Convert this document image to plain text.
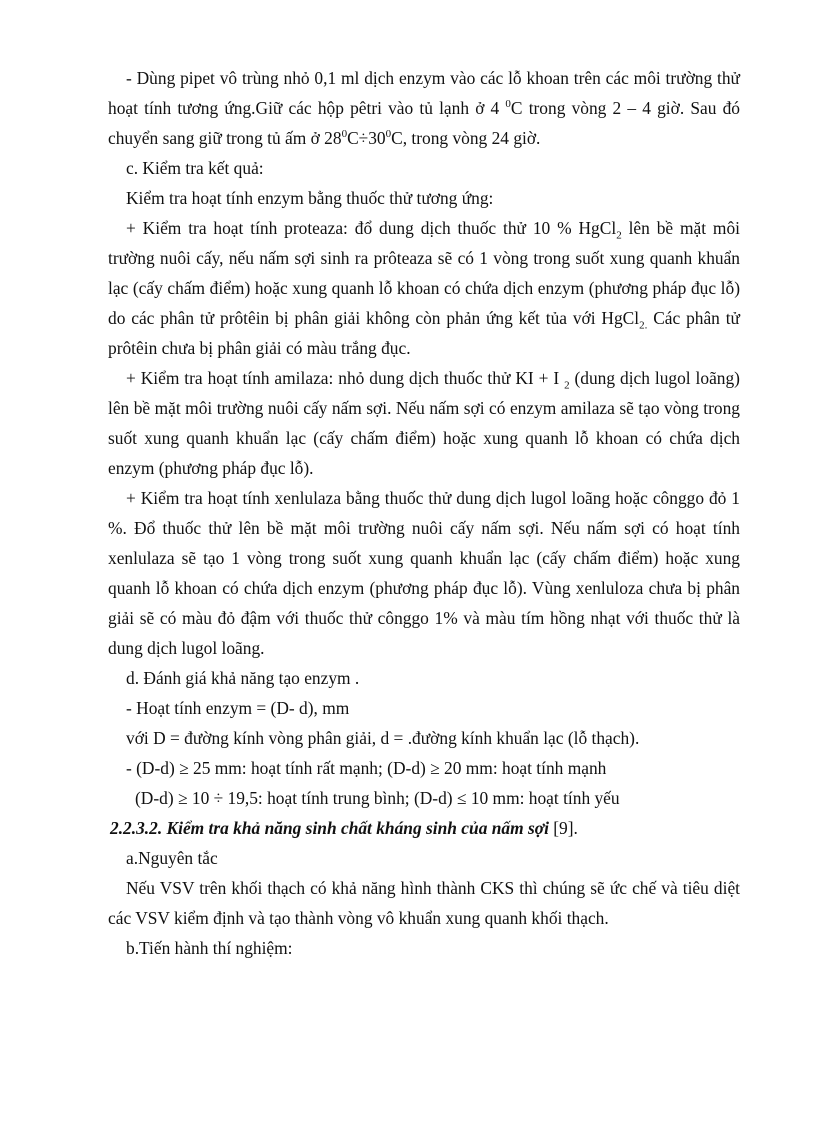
- Dùng pipet vô trùng nhỏ 0,1 ml dịch enzym vào các lỗ khoan trên các môi trường thử hoạt tính tương ứng.Giữ các hộp pêtri vào tủ lạnh ở 4 $^0$C trong vòng 2 – 4 giờ. Sau đó chuyển sang giữ trong tủ ấm ở $28^0C\div 30^0C$, trong vòng 24 giờ.

c. Kiểm tra kết quả:

Kiểm tra hoạt tính enzym bằng thuốc thử tương ứng:

+ Kiểm tra hoạt tính proteaza: đổ dung dịch thuốc thử 10 % HgCl$_2$ lên bề mặt môi trường nuôi cấy, nếu nấm sợi sinh ra prôteaza sẽ có 1 vòng trong suốt xung quanh khuẩn lạc (cấy chấm điểm) hoặc xung quanh lỗ khoan có chứa dịch enzym (phương pháp đục lỗ) do các phân tử prôtêin bị phân giải không còn phản ứng kết tủa với HgCl$_{2.}$ Các phân tử prôtêin chưa bị phân giải có màu trắng đục.

+ Kiểm tra hoạt tính amilaza: nhỏ dung dịch thuốc thử KI + I $_2$ (dung dịch lugol loãng) lên bề mặt môi trường nuôi cấy nấm sợi. Nếu nấm sợi có enzym amilaza sẽ tạo vòng trong suốt xung quanh khuẩn lạc (cấy chấm điểm) hoặc xung quanh lỗ khoan có chứa dịch enzym (phương pháp đục lỗ).

+ Kiểm tra hoạt tính xenlulaza bằng thuốc thử dung dịch lugol loãng hoặc cônggo đỏ 1 %. Đổ thuốc thử lên bề mặt môi trường nuôi cấy nấm sợi. Nếu nấm sợi có hoạt tính xenlulaza sẽ tạo 1 vòng trong suốt xung quanh khuẩn lạc (cấy chấm điểm) hoặc xung quanh lỗ khoan có chứa dịch enzym (phương pháp đục lỗ). Vùng xenluloza chưa bị phân giải sẽ có màu đỏ đậm với thuốc thử cônggo 1% và màu tím hồng nhạt với thuốc thử là dung dịch lugol loãng.

d. Đánh giá khả năng tạo enzym .

- Hoạt tính enzym = (D- d), mm

với D = đường kính vòng phân giải, d = .đường kính khuẩn lạc (lỗ thạch).

- (D-d) ≥ 25 mm: hoạt tính rất mạnh; (D-d) ≥ 20 mm: hoạt tính mạnh

(D-d) ≥ 10 ÷ 19,5: hoạt tính trung bình; (D-d) ≤ 10 mm: hoạt tính yếu

2.2.3.2. Kiểm tra khả năng sinh chất kháng sinh của nấm sợi [9].

a.Nguyên tắc

Nếu VSV trên khối thạch có khả năng hình thành CKS thì chúng sẽ ức chế và tiêu diệt các VSV kiểm định và tạo thành vòng vô khuẩn xung quanh khối thạch.

b.Tiến hành thí nghiệm:
